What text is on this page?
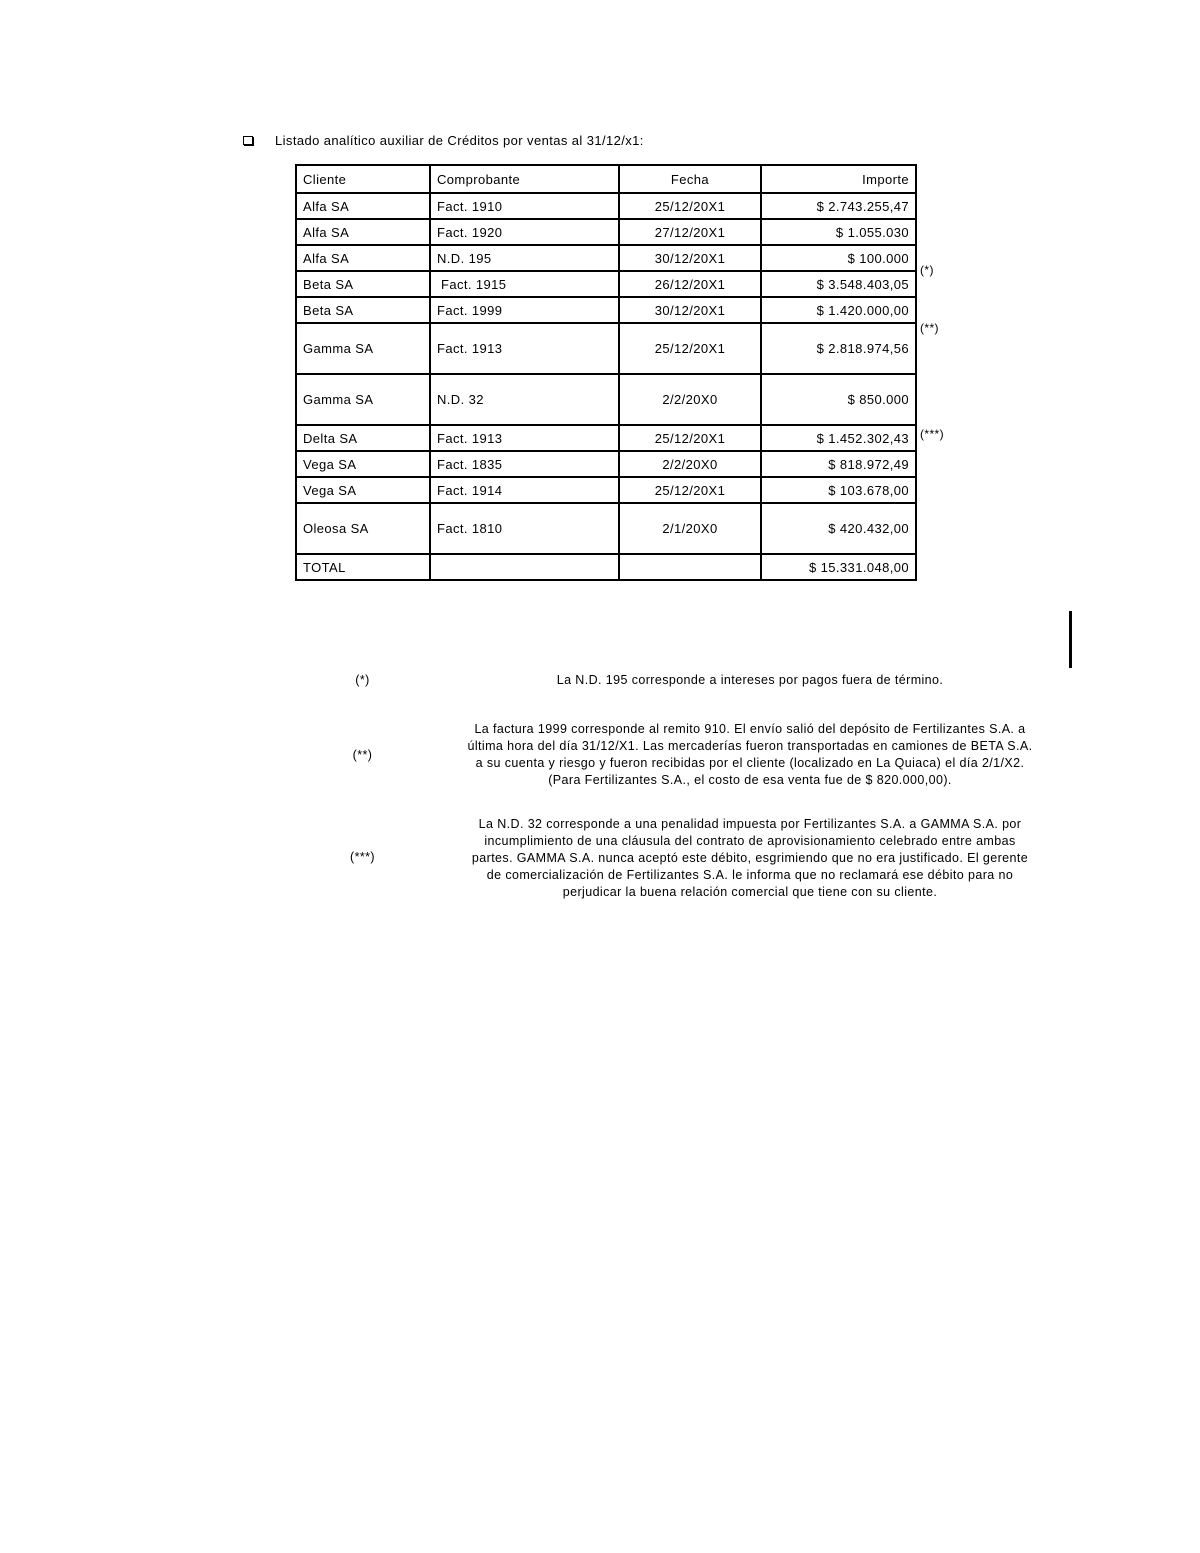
Listado analítico auxiliar de Créditos por ventas al 31/12/x1:
Cliente	Comprobante	Fecha	Importe
Alfa SA	Fact. 1910	25/12/20X1	$ 2.743.255,47
Alfa SA	Fact. 1920	27/12/20X1	$ 1.055.030
Alfa SA	N.D. 195	30/12/20X1	$ 100.000
Beta SA	Fact. 1915	26/12/20X1	$ 3.548.403,05
Beta SA	Fact. 1999	30/12/20X1	$ 1.420.000,00
Gamma SA	Fact. 1913	25/12/20X1	$ 2.818.974,56
Gamma SA	N.D. 32	2/2/20X0	$ 850.000
Delta SA	Fact. 1913	25/12/20X1	$ 1.452.302,43
Vega SA	Fact. 1835	2/2/20X0	$ 818.972,49
Vega SA	Fact. 1914	25/12/20X1	$ 103.678,00
Oleosa SA	Fact. 1810	2/1/20X0	$ 420.432,00
TOTAL			$ 15.331.048,00
(*)
(**)
(***)
(*)	La N.D. 195 corresponde a intereses por pagos fuera de término.
(**)
La factura 1999 corresponde al remito 910. El envío salió del depósito de Fertilizantes S.A. a
última hora del día 31/12/X1. Las mercaderías fueron transportadas en camiones de BETA S.A.
a su cuenta y riesgo y fueron recibidas por el cliente (localizado en La Quiaca) el día 2/1/X2.
(Para Fertilizantes S.A., el costo de esa venta fue de $ 820.000,00).
(***)
La N.D. 32 corresponde a una penalidad impuesta por Fertilizantes S.A. a GAMMA S.A. por
incumplimiento de una cláusula del contrato de aprovisionamiento celebrado entre ambas
partes. GAMMA S.A. nunca aceptó este débito, esgrimiendo que no era justificado. El gerente
de comercialización de Fertilizantes S.A. le informa que no reclamará ese débito para no
perjudicar la buena relación comercial que tiene con su cliente.
